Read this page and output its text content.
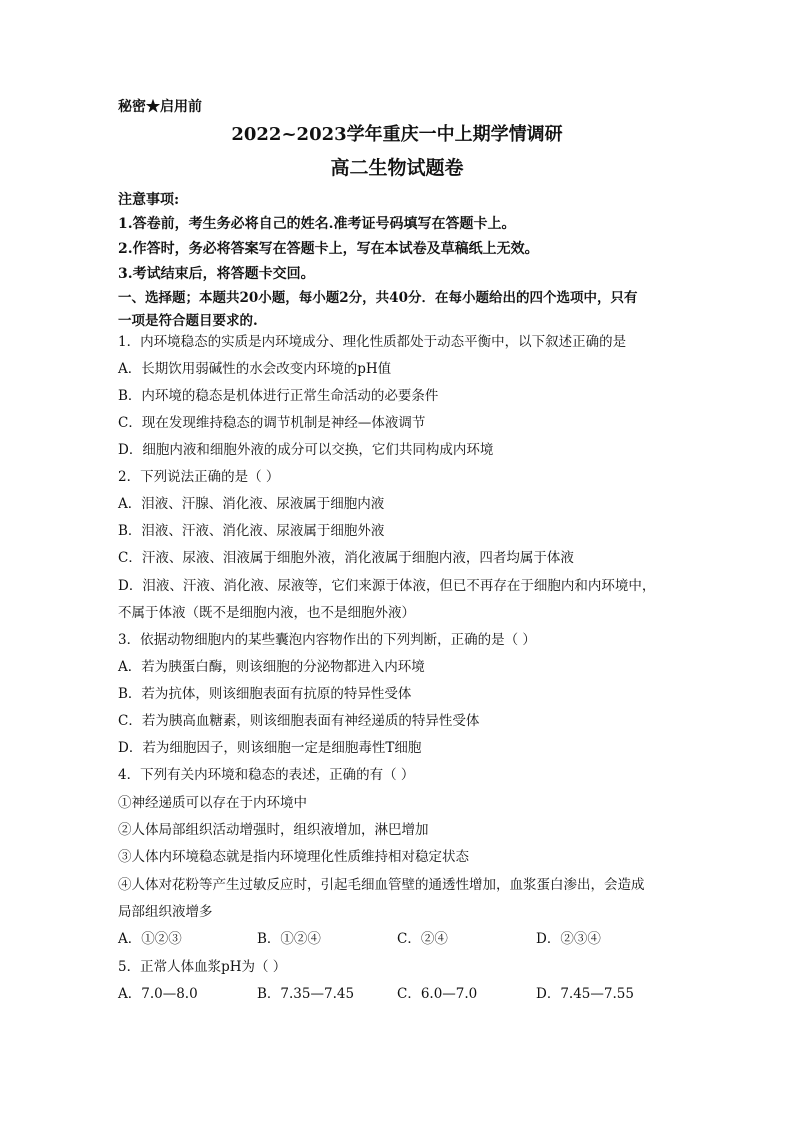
秘密★启用前
2022~2023学年重庆一中上期学情调研
高二生物试题卷
注意事项:
1.答卷前，考生务必将自己的姓名.准考证号码填写在答题卡上。
2.作答时，务必将答案写在答题卡上，写在本试卷及草稿纸上无效。
3.考试结束后，将答题卡交回。
一、选择题；本题共20小题，每小题2分，共40分．在每小题给出的四个选项中，只有
一项是符合题目要求的.
1．内环境稳态的实质是内环境成分、理化性质都处于动态平衡中，以下叙述正确的是
A．长期饮用弱碱性的水会改变内环境的pH值
B．内环境的稳态是机体进行正常生命活动的必要条件
C．现在发现维持稳态的调节机制是神经—体液调节
D．细胞内液和细胞外液的成分可以交换，它们共同构成内环境
2．下列说法正确的是（ ）
A．泪液、汗腺、消化液、尿液属于细胞内液
B．泪液、汗液、消化液、尿液属于细胞外液
C．汗液、尿液、泪液属于细胞外液，消化液属于细胞内液，四者均属于体液
D．泪液、汗液、消化液、尿液等，它们来源于体液，但已不再存在于细胞内和内环境中，
不属于体液（既不是细胞内液，也不是细胞外液）
3．依据动物细胞内的某些囊泡内容物作出的下列判断，正确的是（ ）
A．若为胰蛋白酶，则该细胞的分泌物都进入内环境
B．若为抗体，则该细胞表面有抗原的特异性受体
C．若为胰高血糖素，则该细胞表面有神经递质的特异性受体
D．若为细胞因子，则该细胞一定是细胞毒性T细胞
4．下列有关内环境和稳态的表述，正确的有（ ）
①神经递质可以存在于内环境中
②人体局部组织活动增强时，组织液增加，淋巴增加
③人体内环境稳态就是指内环境理化性质维持相对稳定状态
④人体对花粉等产生过敏反应时，引起毛细血管壁的通透性增加，血浆蛋白渗出，会造成
局部组织液增多
A．①②③	B．①②④	C．②④	D．②③④
5．正常人体血浆pH为（ ）
A．7.0—8.0	B．7.35—7.45	C．6.0—7.0	D．7.45—7.55
